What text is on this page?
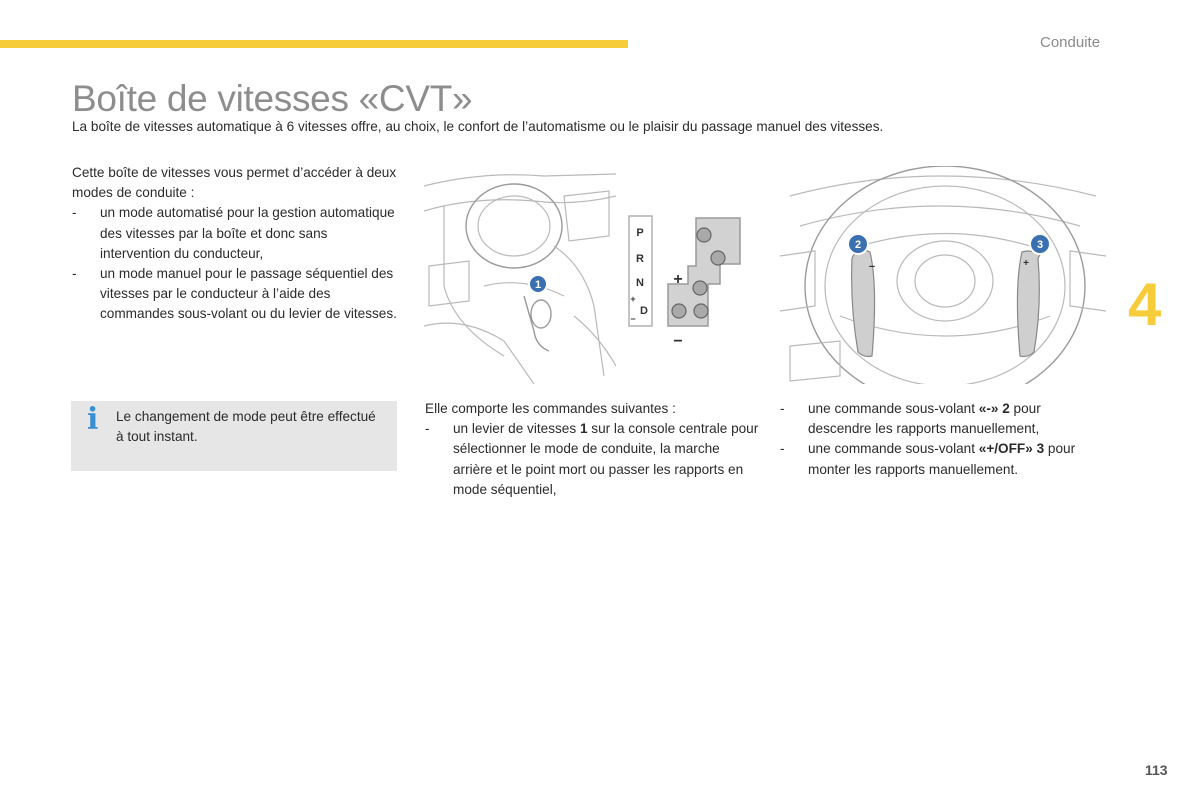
Conduite
4
Boîte de vitesses «CVT»
La boîte de vitesses automatique à 6 vitesses offre, au choix, le confort de l’automatisme ou le plaisir du passage manuel des vitesses.
Cette boîte de vitesses vous permet d’accéder à deux modes de conduite :
- un mode automatisé pour la gestion automatique des vitesses par la boîte et donc sans intervention du conducteur,
- un mode manuel pour le passage séquentiel des vitesses par le conducteur à l’aide des commandes sous-volant ou du levier de vitesses.
i Le changement de mode peut être effectué à tout instant.
1
P
R
N
D
+
−
+
−
−	+
2	3
Elle comporte les commandes suivantes :
- un levier de vitesses 1 sur la console centrale pour sélectionner le mode de conduite, la marche arrière et le point mort ou passer les rapports en mode séquentiel,
- une commande sous-volant «-» 2 pour descendre les rapports manuellement,
- une commande sous-volant «+/OFF» 3 pour monter les rapports manuellement.
113
